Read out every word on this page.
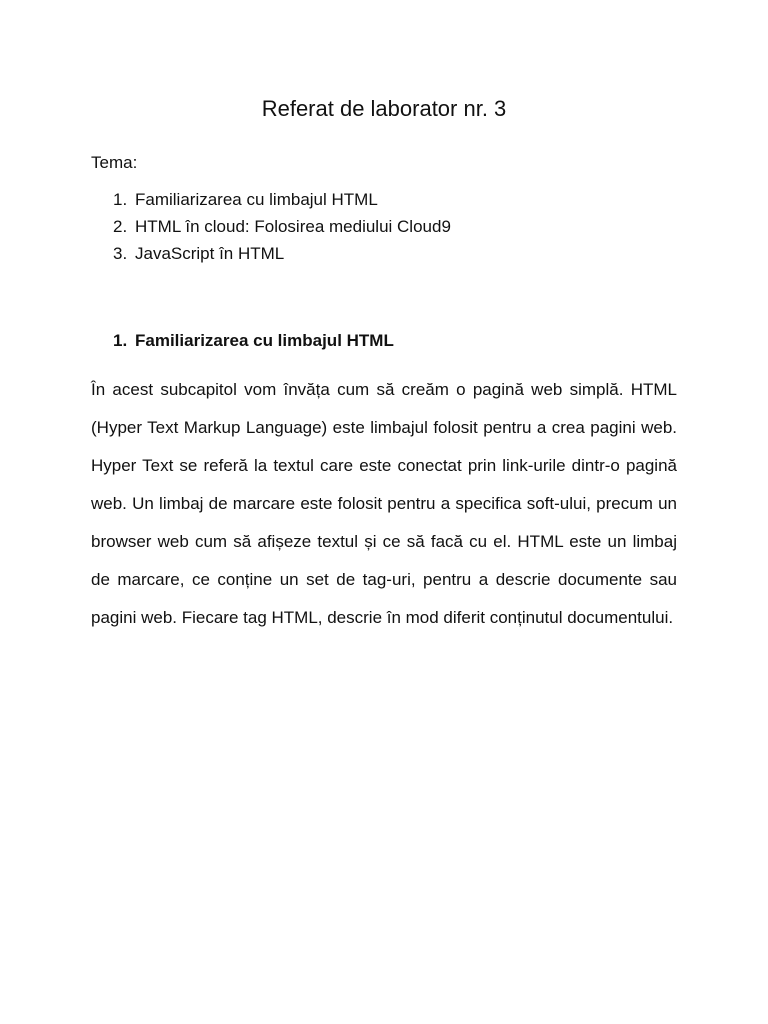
Referat de laborator nr. 3
Tema:
1. Familiarizarea cu limbajul HTML
2. HTML în cloud: Folosirea mediului Cloud9
3. JavaScript în HTML
1. Familiarizarea cu limbajul HTML

În acest subcapitol vom învăța cum să creăm o pagină web simplă. HTML (Hyper Text Markup Language) este limbajul folosit pentru a crea pagini web. Hyper Text se referă la textul care este conectat prin link-urile dintr-o pagină web. Un limbaj de marcare este folosit pentru a specifica soft-ului, precum un browser web cum să afișeze textul și ce să facă cu el. HTML este un limbaj de marcare, ce conține un set de tag-uri, pentru a descrie documente sau pagini web. Fiecare tag HTML, descrie în mod diferit conținutul documentului.
